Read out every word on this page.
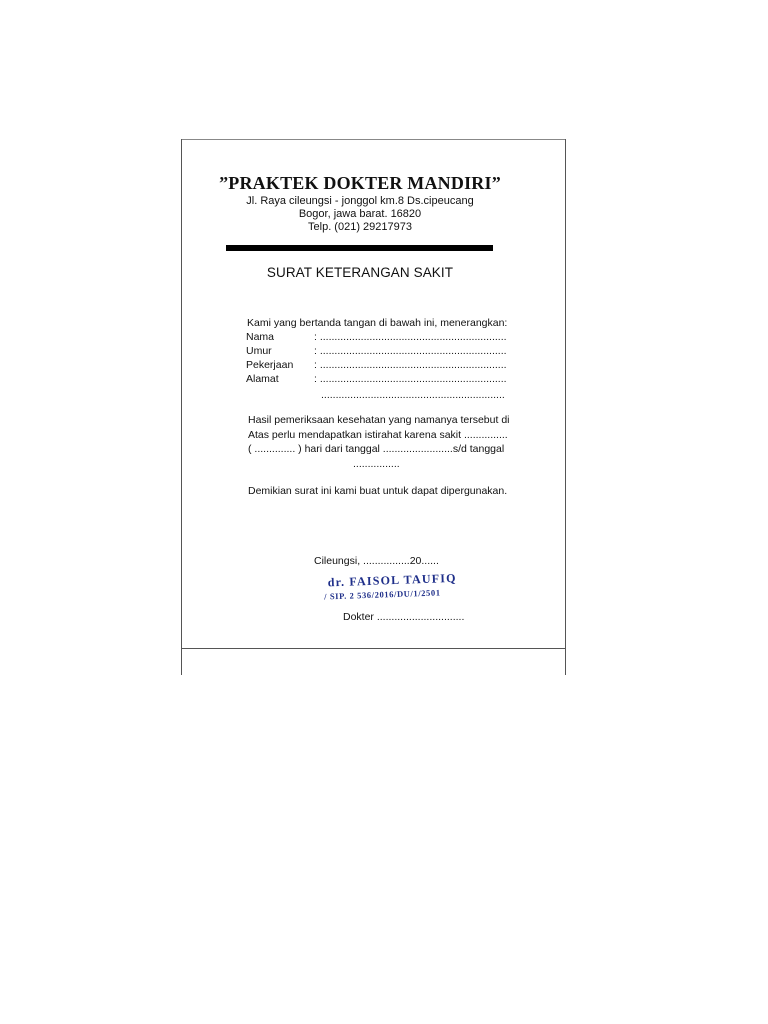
”PRAKTEK DOKTER MANDIRI”
Jl. Raya cileungsi - jonggol km.8 Ds.cipeucang
Bogor, jawa barat. 16820
Telp. (021) 29217973
SURAT KETERANGAN SAKIT
Kami yang bertanda tangan di bawah ini, menerangkan:
Nama	: ................................................................
Umur	: ................................................................
Pekerjaan : ................................................................
Alamat	: ................................................................
...............................................................
Hasil pemeriksaan kesehatan yang namanya tersebut di
Atas perlu mendapatkan istirahat karena sakit ...............
( .............. ) hari dari tanggal ........................s/d tanggal
................
Demikian surat ini kami buat untuk dapat dipergunakan.
Cileungsi, ................20......
dr. FAISOL TAUFIQ
/ SIP. 2 536/2016/DU/1/2501
Dokter ..............................
